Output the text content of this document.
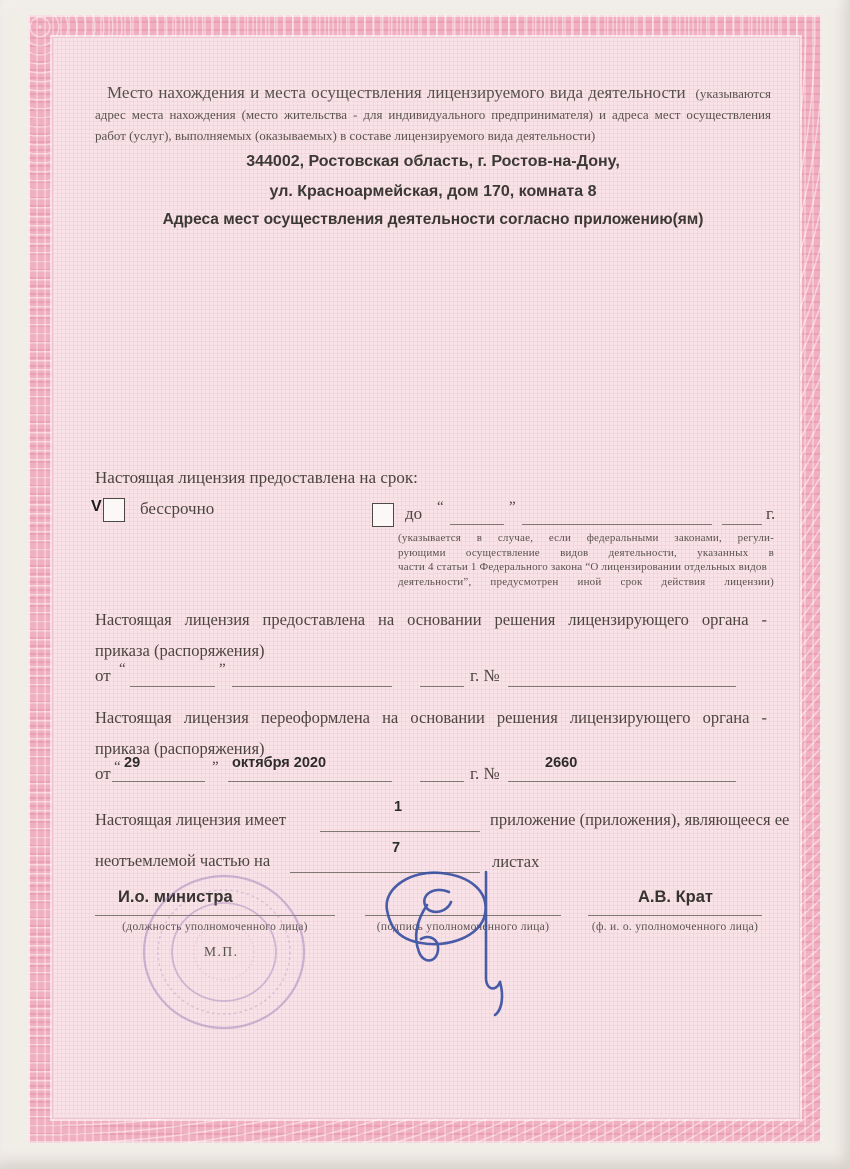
Место нахождения и места осуществления лицензируемого вида деятельности (указываются адрес места нахождения (место жительства - для индивидуального предпринимателя) и адреса мест осуществления работ (услуг), выполняемых (оказываемых) в составе лицензируемого вида деятельности)

344002, Ростовская область, г. Ростов-на-Дону,
ул. Красноармейская, дом 170, комната 8
Адреса мест осуществления деятельности согласно приложению(ям)
Настоящая лицензия предоставлена на срок:
V бессрочно	до “	”	г.
(указывается в случае, если федеральными законами, регули-
рующими осуществление видов деятельности, указанных в
части 4 статьи 1 Федерального закона “О лицензировании отдельных видов
деятельности”, предусмотрен иной срок действия лицензии)
Настоящая лицензия предоставлена на основании решения лицензирующего органа -
приказа (распоряжения)
от “	”	г. №
Настоящая лицензия переоформлена на основании решения лицензирующего органа -
приказа (распоряжения)
от “ 29	” октября 2020
г. №
2660
Настоящая лицензия имеет
1
приложение (приложения), являющееся ее
неотъемлемой частью на
7
листах
И.о. министра
(должность уполномоченного лица)	(подпись уполномоченного лица)
А.В. Крат
(ф. и. о. уполномоченного лица)
М.П.
